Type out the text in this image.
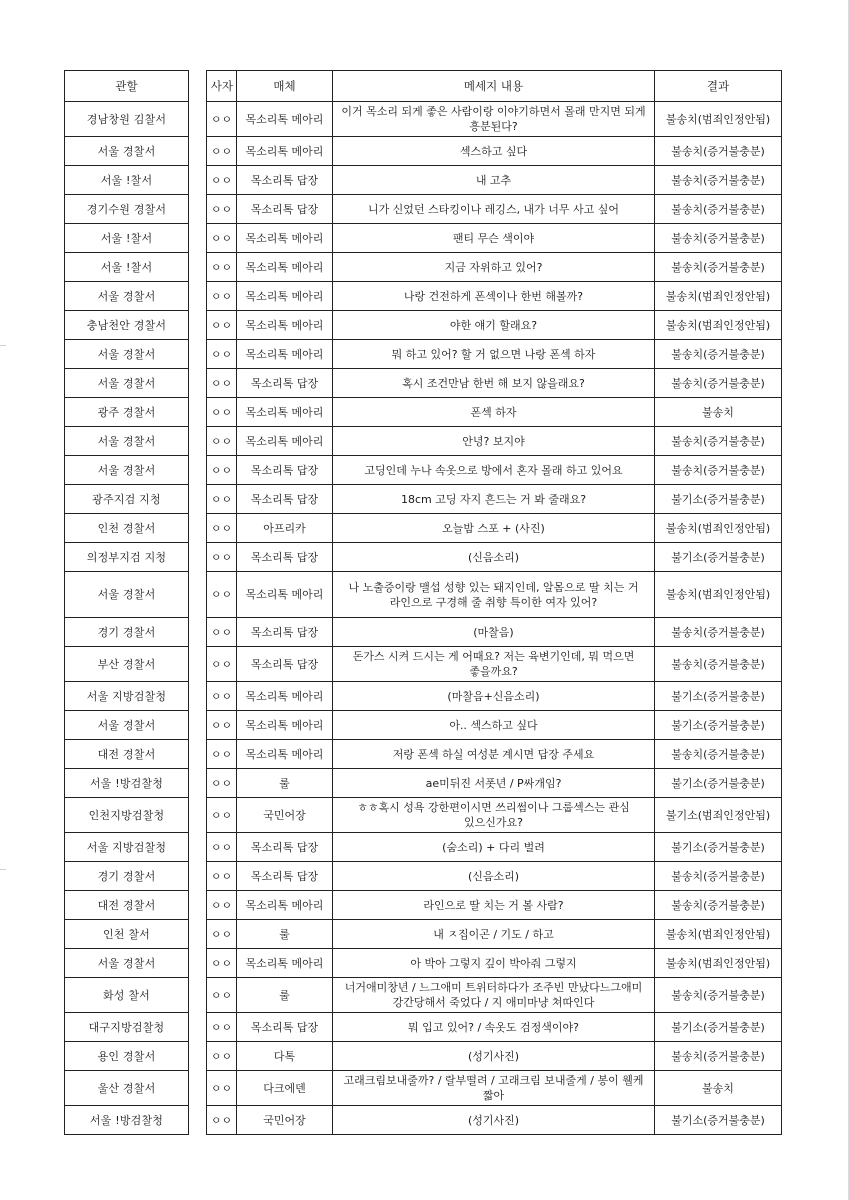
관할		사자	매체	메세지 내용	결과
경남창원 김찰서		ㅇㅇ	목소리톡 메아리	이거 목소리 되게 좋은 사람이랑 이야기하면서 몰래 만지면 되게 흥분된다?	불송치(범죄인정안됨)
서울 경찰서		ㅇㅇ	목소리톡 메아리	섹스하고 싶다	불송치(증거불충분)
서울 !찰서		ㅇㅇ	목소리톡 답장	내 고추	불송치(증거불충분)
경기수원 경찰서		ㅇㅇ	목소리톡 답장	니가 신었던 스타킹이나 레깅스, 내가 너무 사고 싶어	불송치(증거불충분)
서울 !찰서		ㅇㅇ	목소리톡 메아리	팬티 무슨 색이야	불송치(증거불충분)
서울 !찰서		ㅇㅇ	목소리톡 메아리	지금 자위하고 있어?	불송치(증거불충분)
서울 경찰서		ㅇㅇ	목소리톡 메아리	나랑 건전하게 폰섹이나 한번 해볼까?	불송치(범죄인정안됨)
충남천안 경찰서		ㅇㅇ	목소리톡 메아리	야한 얘기 할래요?	불송치(범죄인정안됨)
서울 경찰서		ㅇㅇ	목소리톡 메아리	뭐 하고 있어? 할 거 없으면 나랑 폰섹 하자	불송치(증거불충분)
서울 경찰서		ㅇㅇ	목소리톡 답장	혹시 조건만남 한번 해 보지 않을래요?	불송치(증거불충분)
광주 경찰서		ㅇㅇ	목소리톡 메아리	폰섹 하자	불송치
서울 경찰서		ㅇㅇ	목소리톡 메아리	안녕? 보지야	불송치(증거불충분)
서울 경찰서		ㅇㅇ	목소리톡 답장	고딩인데 누나 속옷으로 방에서 혼자 몰래 하고 있어요	불송치(증거불충분)
광주지검 지청		ㅇㅇ	목소리톡 답장	18cm 고딩 자지 흔드는 거 봐 줄래요?	불기소(증거불충분)
인천 경찰서		ㅇㅇ	아프리카	오늘밤 스포 + (사진)	불송치(범죄인정안됨)
의정부지검 지청		ㅇㅇ	목소리톡 답장	(신음소리)	불기소(증거불충분)
서울 경찰서		ㅇㅇ	목소리톡 메아리	나 노출증이랑 맬섭 성향 있는 돼지인데, 알몸으로 딸 치는 거 라인으로 구경해 줄 취향 특이한 여자 있어?	불송치(범죄인정안됨)
경기 경찰서		ㅇㅇ	목소리톡 답장	(마찰음)	불송치(증거불충분)
부산 경찰서		ㅇㅇ	목소리톡 답장	돈가스 시켜 드시는 게 어때요? 저는 육변기인데, 뭐 먹으면 좋을까요?	불송치(증거불충분)
서울 지방검찰청		ㅇㅇ	목소리톡 메아리	(마찰음+신음소리)	불기소(증거불충분)
서울 경찰서		ㅇㅇ	목소리톡 메아리	아.. 섹스하고 싶다	불기소(증거불충분)
대전 경찰서		ㅇㅇ	목소리톡 메아리	저랑 폰섹 하실 여성분 계시면 답장 주세요	불송치(증거불충분)
서울 !방검찰청		ㅇㅇ	룰	ae미뒤진 서폿년 / P싸개임?	불기소(증거불충분)
인천지방검찰청		ㅇㅇ	국민어장	ㅎㅎ혹시 성욕 강한편이시면 쓰리썸이나 그룹섹스는 관심 있으신가요?	불기소(범죄인정안됨)
서울 지방검찰청		ㅇㅇ	목소리톡 답장	(숨소리) + 다리 벌려	불기소(증거불충분)
경기 경찰서		ㅇㅇ	목소리톡 답장	(신음소리)	불송치(증거불충분)
대전 경찰서		ㅇㅇ	목소리톡 메아리	라인으로 딸 치는 거 볼 사람?	불송치(증거불충분)
인천 찰서		ㅇㅇ	룰	내 ㅈ집이곤 / 기도 / 하고	불송치(범죄인정안됨)
서울 경찰서		ㅇㅇ	목소리톡 메아리	아 박아 그렇지 깊이 박아줘 그렇지	불송치(범죄인정안됨)
화성 찰서		ㅇㅇ	룰	너거애미창년 / 느그애미 트위터하다가 조주빈 만났다느그애미 강간당해서 죽었다 / 지 애미마냥 쳐따인다	불송치(증거불충분)
대구지방검찰청		ㅇㅇ	목소리톡 답장	뭐 입고 있어? / 속옷도 검정색이야?	불기소(증거불충분)
용인 경찰서		ㅇㅇ	다톡	(성기사진)	불송치(증거불충분)
울산 경찰서		ㅇㅇ	다크에덴	고래크림보내줄까? / 랄부떨려 / 고래크림 보내줄게 / 봉이 웰케 짧아	불송치
서울 !방검찰청		ㅇㅇ	국민어장	(성기사진)	불기소(증거불충분)
